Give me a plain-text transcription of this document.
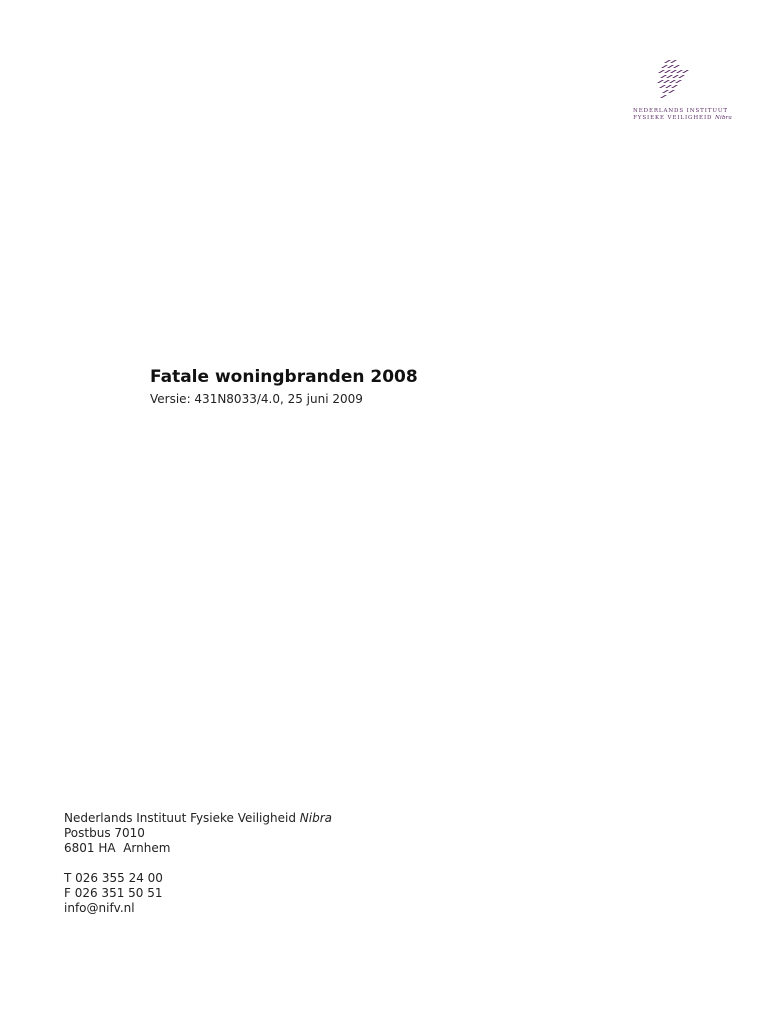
NEDERLANDS INSTITUUT
FYSIEKE VEILIGHEID Nibra
Fatale woningbranden 2008
Versie: 431N8033/4.0, 25 juni 2009
Nederlands Instituut Fysieke Veiligheid Nibra
Postbus 7010
6801 HA  Arnhem
T 026 355 24 00
F 026 351 50 51
info@nifv.nl
